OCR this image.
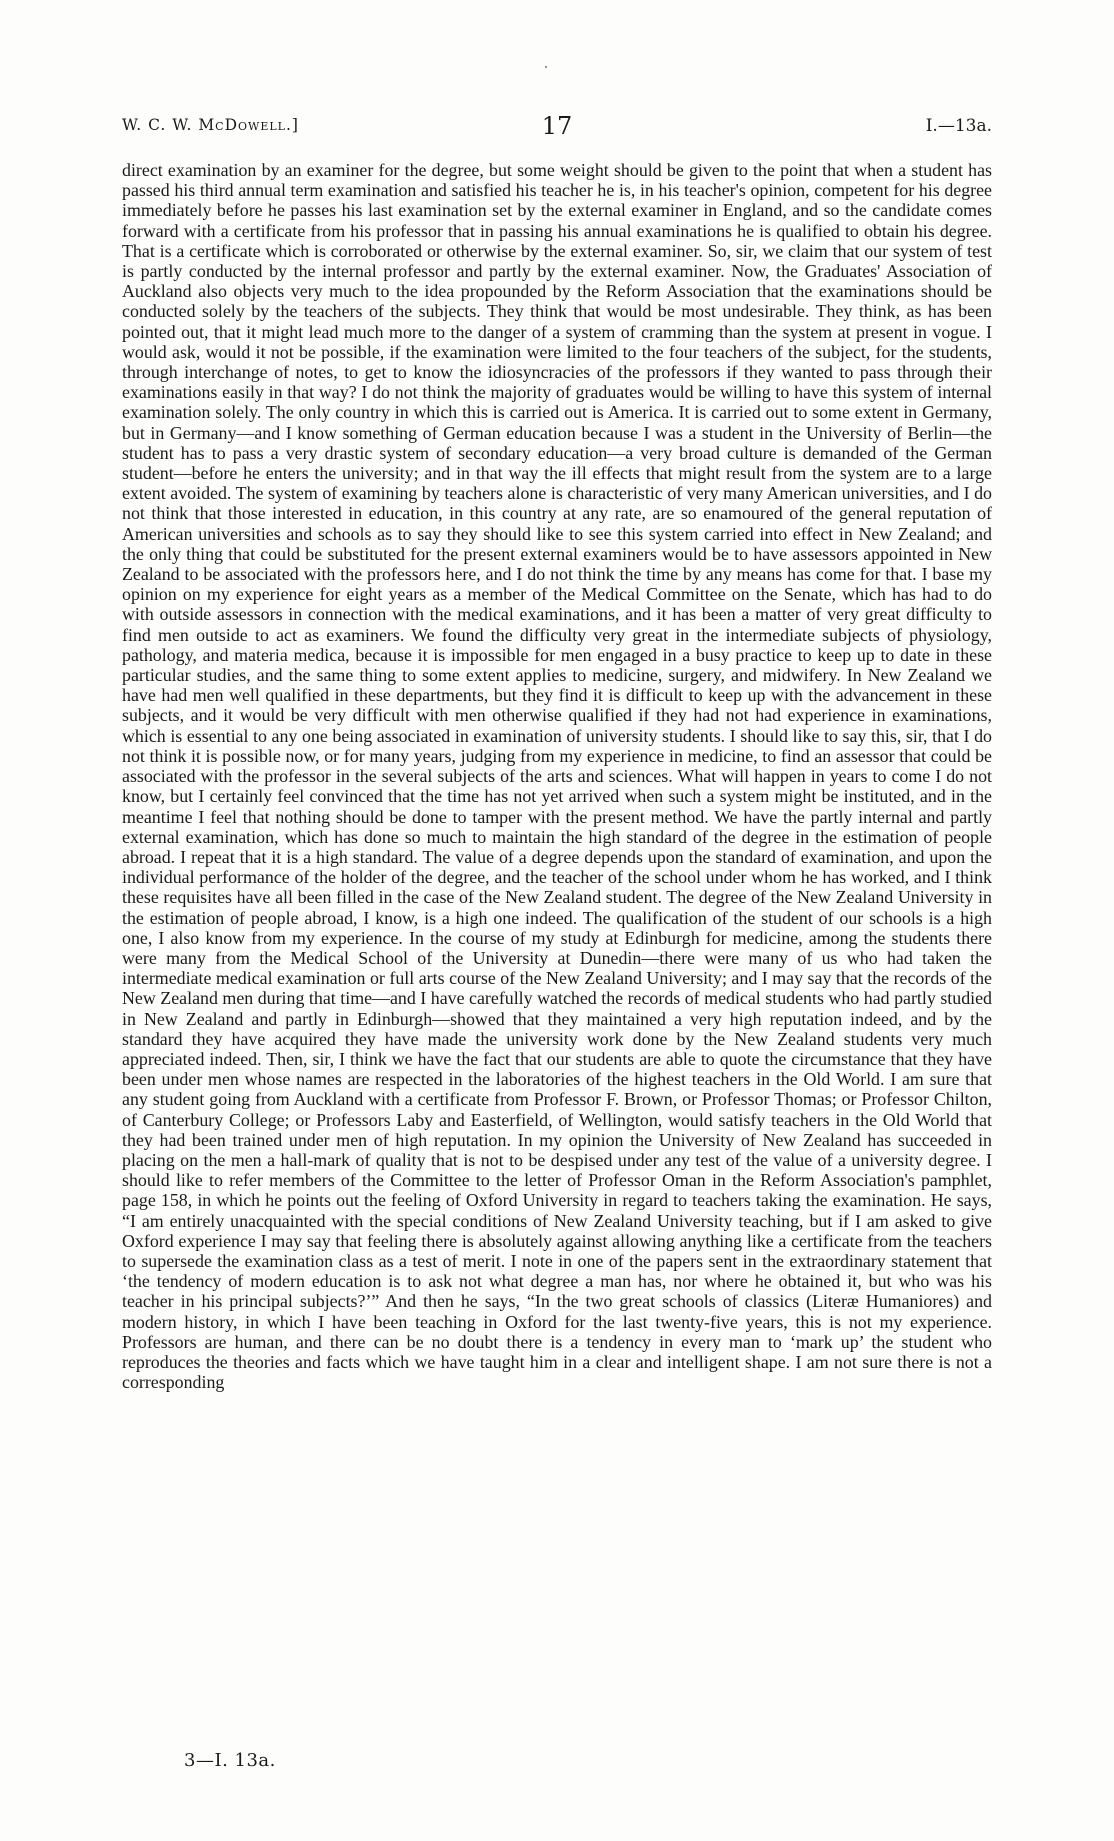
W. C. W. McDowell.]	17	I.—13a.

direct examination by an examiner for the degree, but some weight should be given to the point that when a student has passed his third annual term examination and satisfied his teacher he is, in his teacher's opinion, competent for his degree immediately before he passes his last examination set by the external examiner in England, and so the candidate comes forward with a certificate from his professor that in passing his annual examinations he is qualified to obtain his degree. That is a certificate which is corroborated or otherwise by the external examiner. So, sir, we claim that our system of test is partly conducted by the internal professor and partly by the external examiner. Now, the Graduates' Association of Auckland also objects very much to the idea propounded by the Reform Association that the examinations should be conducted solely by the teachers of the subjects. They think that would be most undesirable. They think, as has been pointed out, that it might lead much more to the danger of a system of cramming than the system at present in vogue. I would ask, would it not be possible, if the examination were limited to the four teachers of the subject, for the students, through interchange of notes, to get to know the idiosyncracies of the professors if they wanted to pass through their examinations easily in that way? I do not think the majority of graduates would be willing to have this system of internal examination solely. The only country in which this is carried out is America. It is carried out to some extent in Germany, but in Germany—and I know something of German education because I was a student in the University of Berlin—the student has to pass a very drastic system of secondary education—a very broad culture is demanded of the German student—before he enters the university; and in that way the ill effects that might result from the system are to a large extent avoided. The system of examining by teachers alone is characteristic of very many American universities, and I do not think that those interested in education, in this country at any rate, are so enamoured of the general reputation of American universities and schools as to say they should like to see this system carried into effect in New Zealand; and the only thing that could be substituted for the present external examiners would be to have assessors appointed in New Zealand to be associated with the professors here, and I do not think the time by any means has come for that. I base my opinion on my experience for eight years as a member of the Medical Committee on the Senate, which has had to do with outside assessors in connection with the medical examinations, and it has been a matter of very great difficulty to find men outside to act as examiners. We found the difficulty very great in the intermediate subjects of physiology, pathology, and materia medica, because it is impossible for men engaged in a busy practice to keep up to date in these particular studies, and the same thing to some extent applies to medicine, surgery, and midwifery. In New Zealand we have had men well qualified in these departments, but they find it is difficult to keep up with the advancement in these subjects, and it would be very difficult with men otherwise qualified if they had not had experience in examinations, which is essential to any one being associated in examination of university students. I should like to say this, sir, that I do not think it is possible now, or for many years, judging from my experience in medicine, to find an assessor that could be associated with the professor in the several subjects of the arts and sciences. What will happen in years to come I do not know, but I certainly feel convinced that the time has not yet arrived when such a system might be instituted, and in the meantime I feel that nothing should be done to tamper with the present method. We have the partly internal and partly external examination, which has done so much to maintain the high standard of the degree in the estimation of people abroad. I repeat that it is a high standard. The value of a degree depends upon the standard of examination, and upon the individual performance of the holder of the degree, and the teacher of the school under whom he has worked, and I think these requisites have all been filled in the case of the New Zealand student. The degree of the New Zealand University in the estimation of people abroad, I know, is a high one indeed. The qualification of the student of our schools is a high one, I also know from my experience. In the course of my study at Edinburgh for medicine, among the students there were many from the Medical School of the University at Dunedin—there were many of us who had taken the intermediate medical examination or full arts course of the New Zealand University; and I may say that the records of the New Zealand men during that time—and I have carefully watched the records of medical students who had partly studied in New Zealand and partly in Edinburgh—showed that they maintained a very high reputation indeed, and by the standard they have acquired they have made the university work done by the New Zealand students very much appreciated indeed. Then, sir, I think we have the fact that our students are able to quote the circumstance that they have been under men whose names are respected in the laboratories of the highest teachers in the Old World. I am sure that any student going from Auckland with a certificate from Professor F. Brown, or Professor Thomas; or Professor Chilton, of Canterbury College; or Professors Laby and Easterfield, of Wellington, would satisfy teachers in the Old World that they had been trained under men of high reputation. In my opinion the University of New Zealand has succeeded in placing on the men a hall-mark of quality that is not to be despised under any test of the value of a university degree. I should like to refer members of the Committee to the letter of Professor Oman in the Reform Association's pamphlet, page 158, in which he points out the feeling of Oxford University in regard to teachers taking the examination. He says, “I am entirely unacquainted with the special conditions of New Zealand University teaching, but if I am asked to give Oxford experience I may say that feeling there is absolutely against allowing anything like a certificate from the teachers to supersede the examination class as a test of merit. I note in one of the papers sent in the extraordinary statement that ‘the tendency of modern education is to ask not what degree a man has, nor where he obtained it, but who was his teacher in his principal subjects?’” And then he says, “In the two great schools of classics (Literæ Humaniores) and modern history, in which I have been teaching in Oxford for the last twenty-five years, this is not my experience. Professors are human, and there can be no doubt there is a tendency in every man to ‘mark up’ the student who reproduces the theories and facts which we have taught him in a clear and intelligent shape. I am not sure there is not a corresponding

3—I. 13a.
